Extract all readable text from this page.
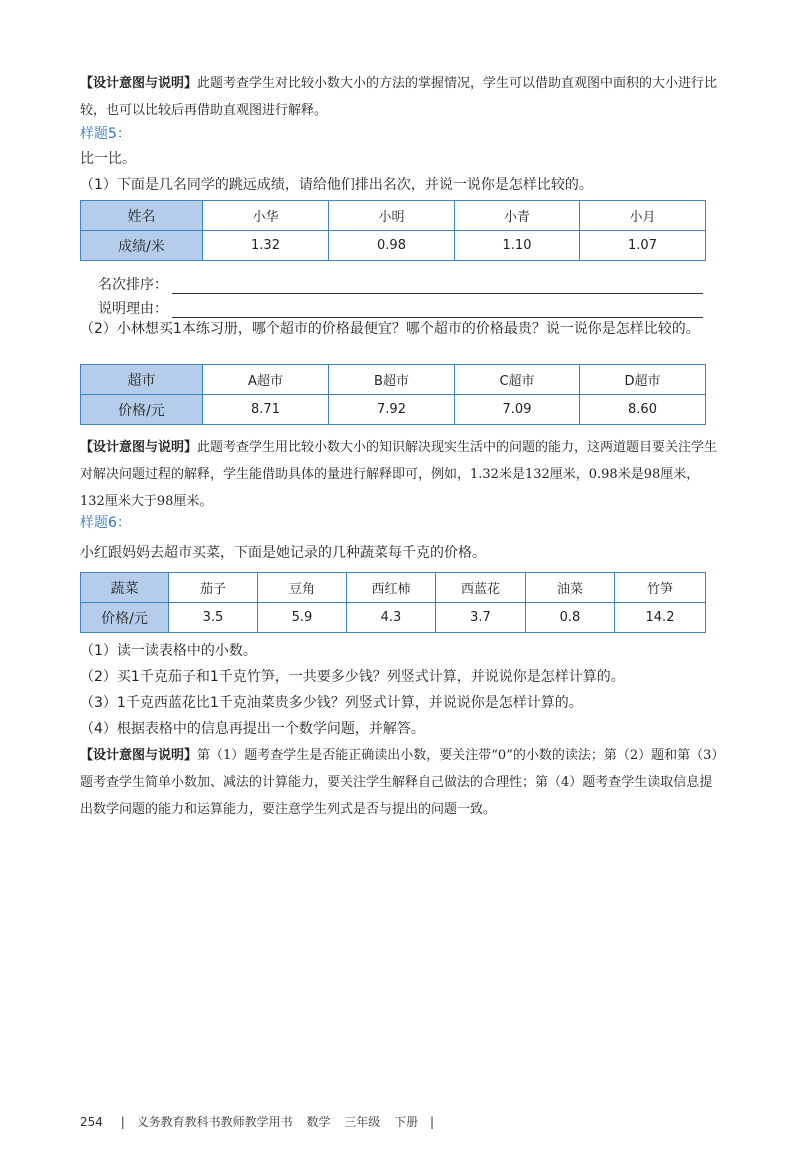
【设计意图与说明】此题考查学生对比较小数大小的方法的掌握情况，学生可以借助直观图中面积的大小进行比较，也可以比较后再借助直观图进行解释。
样题5：
比一比。
（1）下面是几名同学的跳远成绩，请给他们排出名次，并说一说你是怎样比较的。
姓名	小华	小明	小青	小月
成绩/米	1.32	0.98	1.10	1.07
名次排序：
说明理由：
（2）小林想买1本练习册，哪个超市的价格最便宜？哪个超市的价格最贵？说一说你是怎样比较的。
超市	A超市	B超市	C超市	D超市
价格/元	8.71	7.92	7.09	8.60
【设计意图与说明】此题考查学生用比较小数大小的知识解决现实生活中的问题的能力，这两道题目要关注学生对解决问题过程的解释，学生能借助具体的量进行解释即可，例如，1.32米是132厘米，0.98米是98厘米，132厘米大于98厘米。
样题6：
小红跟妈妈去超市买菜，下面是她记录的几种蔬菜每千克的价格。
蔬菜	茄子	豆角	西红柿	西蓝花	油菜	竹笋
价格/元	3.5	5.9	4.3	3.7	0.8	14.2
（1）读一读表格中的小数。
（2）买1千克茄子和1千克竹笋，一共要多少钱？列竖式计算，并说说你是怎样计算的。
（3）1千克西蓝花比1千克油菜贵多少钱？列竖式计算，并说说你是怎样计算的。
（4）根据表格中的信息再提出一个数学问题，并解答。
【设计意图与说明】第（1）题考查学生是否能正确读出小数，要关注带“0”的小数的读法；第（2）题和第（3）题考查学生简单小数加、减法的计算能力，要关注学生解释自己做法的合理性；第（4）题考查学生读取信息提出数学问题的能力和运算能力，要注意学生列式是否与提出的问题一致。
254 | 义务教育教科书教师教学用书 数学 三年级 下册 |
